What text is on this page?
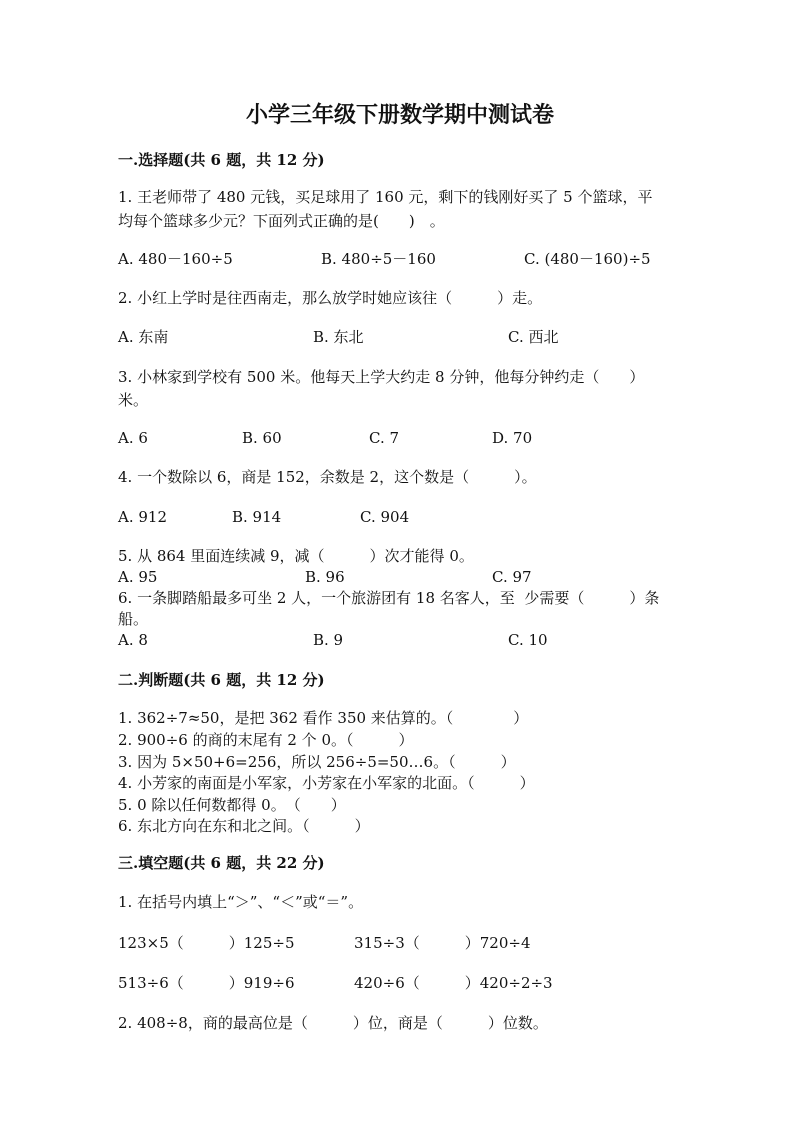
小学三年级下册数学期中测试卷
一.选择题(共 6 题，共 12 分)
1. 王老师带了 480 元钱，买足球用了 160 元，剩下的钱刚好买了 5 个篮球，平
均每个篮球多少元？下面列式正确的是(　　)　。
A. 480－160÷5	B. 480÷5－160	C. (480－160)÷5
2. 小红上学时是往西南走，那么放学时她应该往（　　　）走。
A. 东南	B. 东北	C. 西北
3. 小林家到学校有 500 米。他每天上学大约走 8 分钟，他每分钟约走（　　）
米。
A. 6	B. 60	C. 7	D. 70
4. 一个数除以 6，商是 152，余数是 2，这个数是（　　　）。
A. 912	B. 914	C. 904
5. 从 864 里面连续减 9，减（　　　）次才能得 0。
A. 95	B. 96	C. 97
6. 一条脚踏船最多可坐 2 人，一个旅游团有 18 名客人，至  少需要（　　　）条
船。
A. 8	B. 9	C. 10
二.判断题(共 6 题，共 12 分)
1. 362÷7≈50，是把 362 看作 350 来估算的。（　　　　）
2. 900÷6 的商的末尾有 2 个 0。（　　　）
3. 因为 5×50+6=256，所以 256÷5=50…6。（　　　）
4. 小芳家的南面是小军家，小芳家在小军家的北面。（　　　）
5. 0 除以任何数都得 0。　（　　）
6. 东北方向在东和北之间。（　　　）
三.填空题(共 6 题，共 22 分)
1. 在括号内填上“＞”、“＜”或“＝”。
123×5（　　　）125÷5	315÷3（　　　）720÷4
513÷6（　　　）919÷6	420÷6（　　　）420÷2÷3
2. 408÷8，商的最高位是（　　　）位，商是（　　　）位数。
